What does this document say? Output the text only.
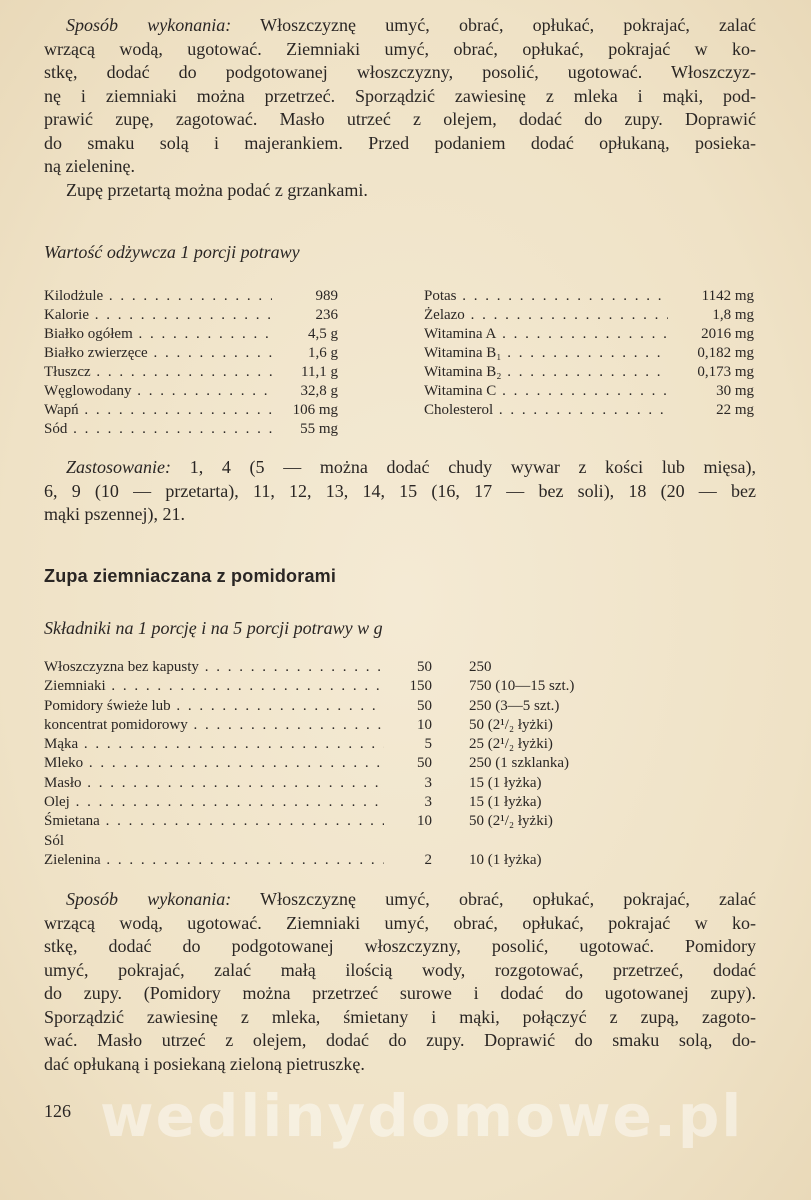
Sposób wykonania: Włoszczyznę umyć, obrać, opłukać, pokrajać, zalać
wrzącą wodą, ugotować. Ziemniaki umyć, obrać, opłukać, pokrajać w ko-
stkę, dodać do podgotowanej włoszczyzny, posolić, ugotować. Włoszczyz-
nę i ziemniaki można przetrzeć. Sporządzić zawiesinę z mleka i mąki, pod-
prawić zupę, zagotować. Masło utrzeć z olejem, dodać do zupy. Doprawić
do smaku solą i majerankiem. Przed podaniem dodać opłukaną, posieka-
ną zieleninę.
Zupę przetartą można podać z grzankami.

Wartość odżywcza 1 porcji potrawy

Kilodżule . . .	989
Kalorie . . .	236
Białko ogółem . . .	4,5 g
Białko zwierzęce . . .	1,6 g
Tłuszcz . . .	11,1 g
Węglowodany . . .	32,8 g
Wapń . . .	106 mg
Sód . . .	55 mg
Potas . . .	1142 mg
Żelazo . . .	1,8 mg
Witamina A . . .	2016 mg
Witamina B₁ . . .	0,182 mg
Witamina B₂ . . .	0,173 mg
Witamina C . . .	30 mg
Cholesterol . . .	22 mg
Zastosowanie: 1, 4 (5 — można dodać chudy wywar z kości lub mięsa),
6, 9 (10 — przetarta), 11, 12, 13, 14, 15 (16, 17 — bez soli), 18 (20 — bez
mąki pszennej), 21.

Zupa ziemniaczana z pomidorami

Składniki na 1 porcję i na 5 porcji potrawy w g

Włoszczyzna bez kapusty . . .	50	250
Ziemniaki . . .	150	750 (10—15 szt.)
Pomidory świeże lub . . .	50	250 (3—5 szt.)
koncentrat pomidorowy . . .	10	50 (2¹/₂ łyżki)
Mąka . . .	5	25 (2¹/₂ łyżki)
Mleko . . .	50	250 (1 szklanka)
Masło . . .	3	15 (1 łyżka)
Olej . . .	3	15 (1 łyżka)
Śmietana . . .	10	50 (2¹/₂ łyżki)
Sól
Zielenina . . .	2	10 (1 łyżka)
Sposób wykonania: Włoszczyznę umyć, obrać, opłukać, pokrajać, zalać
wrzącą wodą, ugotować. Ziemniaki umyć, obrać, opłukać, pokrajać w ko-
stkę, dodać do podgotowanej włoszczyzny, posolić, ugotować. Pomidory
umyć, pokrajać, zalać małą ilością wody, rozgotować, przetrzeć, dodać
do zupy. (Pomidory można przetrzeć surowe i dodać do ugotowanej zupy).
Sporządzić zawiesinę z mleka, śmietany i mąki, połączyć z zupą, zagoto-
wać. Masło utrzeć z olejem, dodać do zupy. Doprawić do smaku solą, do-
dać opłukaną i posiekaną zieloną pietruszkę.
wedlinydomowe.pl

126
